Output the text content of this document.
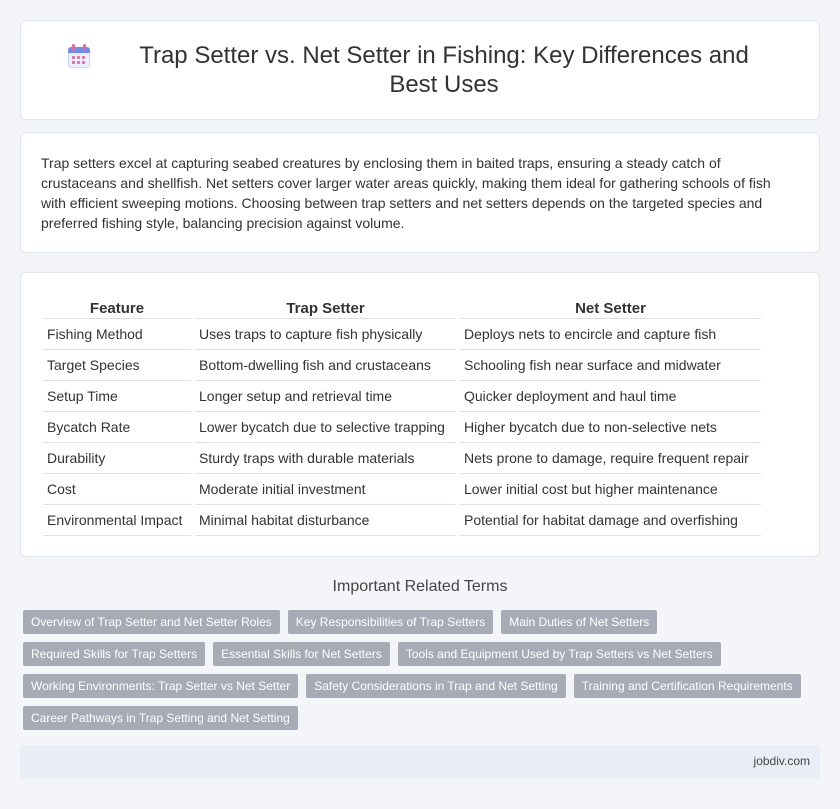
Trap Setter vs. Net Setter in Fishing: Key Differences and Best Uses

Trap setters excel at capturing seabed creatures by enclosing them in baited traps, ensuring a steady catch of crustaceans and shellfish. Net setters cover larger water areas quickly, making them ideal for gathering schools of fish with efficient sweeping motions. Choosing between trap setters and net setters depends on the targeted species and preferred fishing style, balancing precision against volume.

Feature	Trap Setter	Net Setter
Fishing Method	Uses traps to capture fish physically	Deploys nets to encircle and capture fish
Target Species	Bottom-dwelling fish and crustaceans	Schooling fish near surface and midwater
Setup Time	Longer setup and retrieval time	Quicker deployment and haul time
Bycatch Rate	Lower bycatch due to selective trapping	Higher bycatch due to non-selective nets
Durability	Sturdy traps with durable materials	Nets prone to damage, require frequent repair
Cost	Moderate initial investment	Lower initial cost but higher maintenance
Environmental Impact	Minimal habitat disturbance	Potential for habitat damage and overfishing
Important Related Terms
Overview of Trap Setter and Net Setter Roles	Key Responsibilities of Trap Setters	Main Duties of Net Setters
Required Skills for Trap Setters	Essential Skills for Net Setters	Tools and Equipment Used by Trap Setters vs Net Setters
Working Environments: Trap Setter vs Net Setter	Safety Considerations in Trap and Net Setting	Training and Certification Requirements
Career Pathways in Trap Setting and Net Setting
jobdiv.com
